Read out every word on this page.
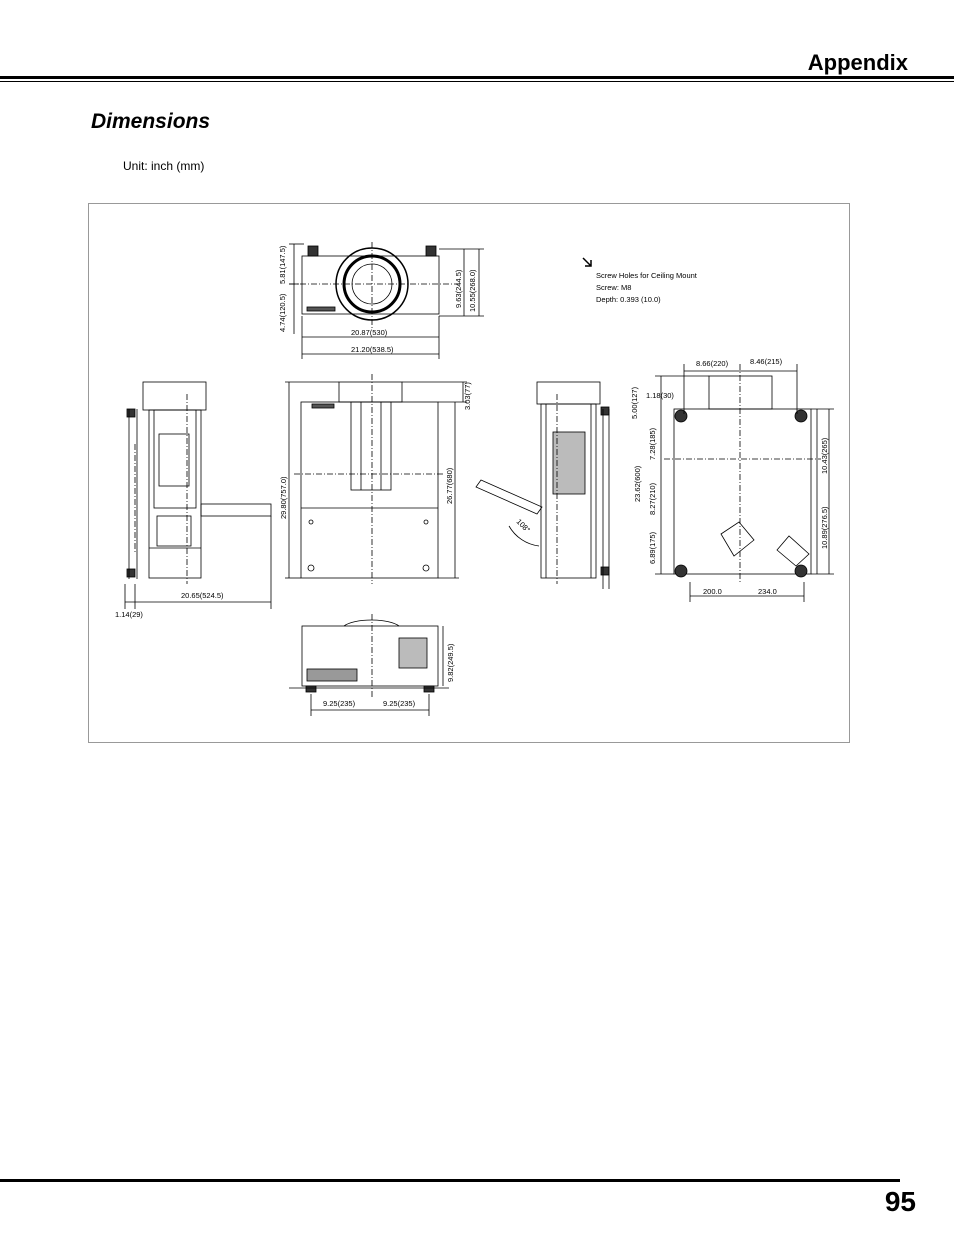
Appendix
Dimensions
Unit: inch (mm)
Screw Holes for Ceiling Mount
Screw: M8
Depth: 0.393 (10.0)
20.87(530)
21.20(538.5)
5.81(147.5)
4.74(120.5)
9.63(244.5) 10.55(268.0)
20.65(524.5)
1.14(29)
29.80(757.0)	26.77(680)
3.03(77)
108°
8.66(220)	8.46(215)
5.00(127) 1.18(30)
7.28(185)
23.62(600) 8.27(210)
6.89(175)
10.43(265)
10.89(276.5)
200.0	234.0
9.82(249.5)
9.25(235)	9.25(235)
95
